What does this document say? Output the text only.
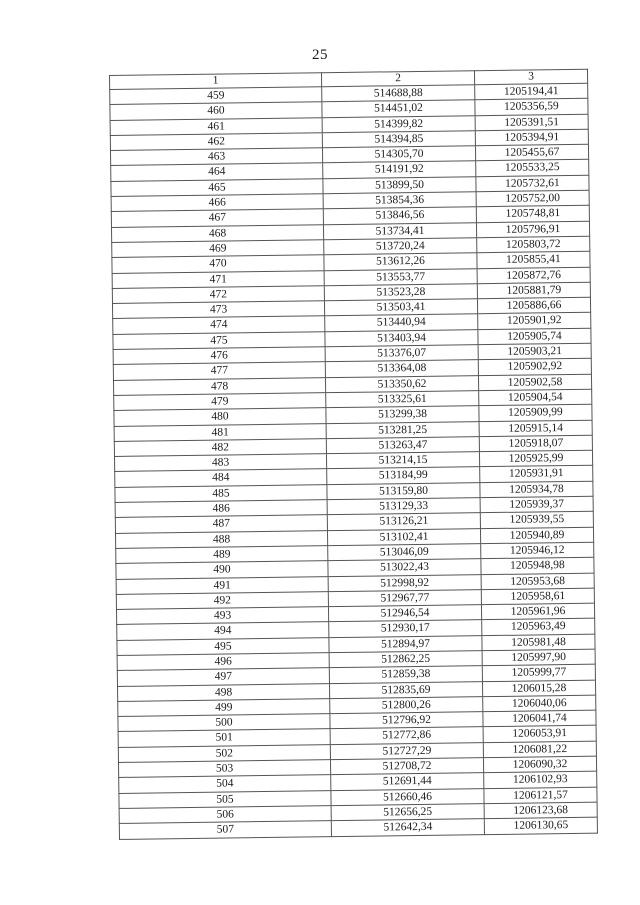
25
1	2	3
459	514688,88	1205194,41
460	514451,02	1205356,59
461	514399,82	1205391,51
462	514394,85	1205394,91
463	514305,70	1205455,67
464	514191,92	1205533,25
465	513899,50	1205732,61
466	513854,36	1205752,00
467	513846,56	1205748,81
468	513734,41	1205796,91
469	513720,24	1205803,72
470	513612,26	1205855,41
471	513553,77	1205872,76
472	513523,28	1205881,79
473	513503,41	1205886,66
474	513440,94	1205901,92
475	513403,94	1205905,74
476	513376,07	1205903,21
477	513364,08	1205902,92
478	513350,62	1205902,58
479	513325,61	1205904,54
480	513299,38	1205909,99
481	513281,25	1205915,14
482	513263,47	1205918,07
483	513214,15	1205925,99
484	513184,99	1205931,91
485	513159,80	1205934,78
486	513129,33	1205939,37
487	513126,21	1205939,55
488	513102,41	1205940,89
489	513046,09	1205946,12
490	513022,43	1205948,98
491	512998,92	1205953,68
492	512967,77	1205958,61
493	512946,54	1205961,96
494	512930,17	1205963,49
495	512894,97	1205981,48
496	512862,25	1205997,90
497	512859,38	1205999,77
498	512835,69	1206015,28
499	512800,26	1206040,06
500	512796,92	1206041,74
501	512772,86	1206053,91
502	512727,29	1206081,22
503	512708,72	1206090,32
504	512691,44	1206102,93
505	512660,46	1206121,57
506	512656,25	1206123,68
507	512642,34	1206130,65
